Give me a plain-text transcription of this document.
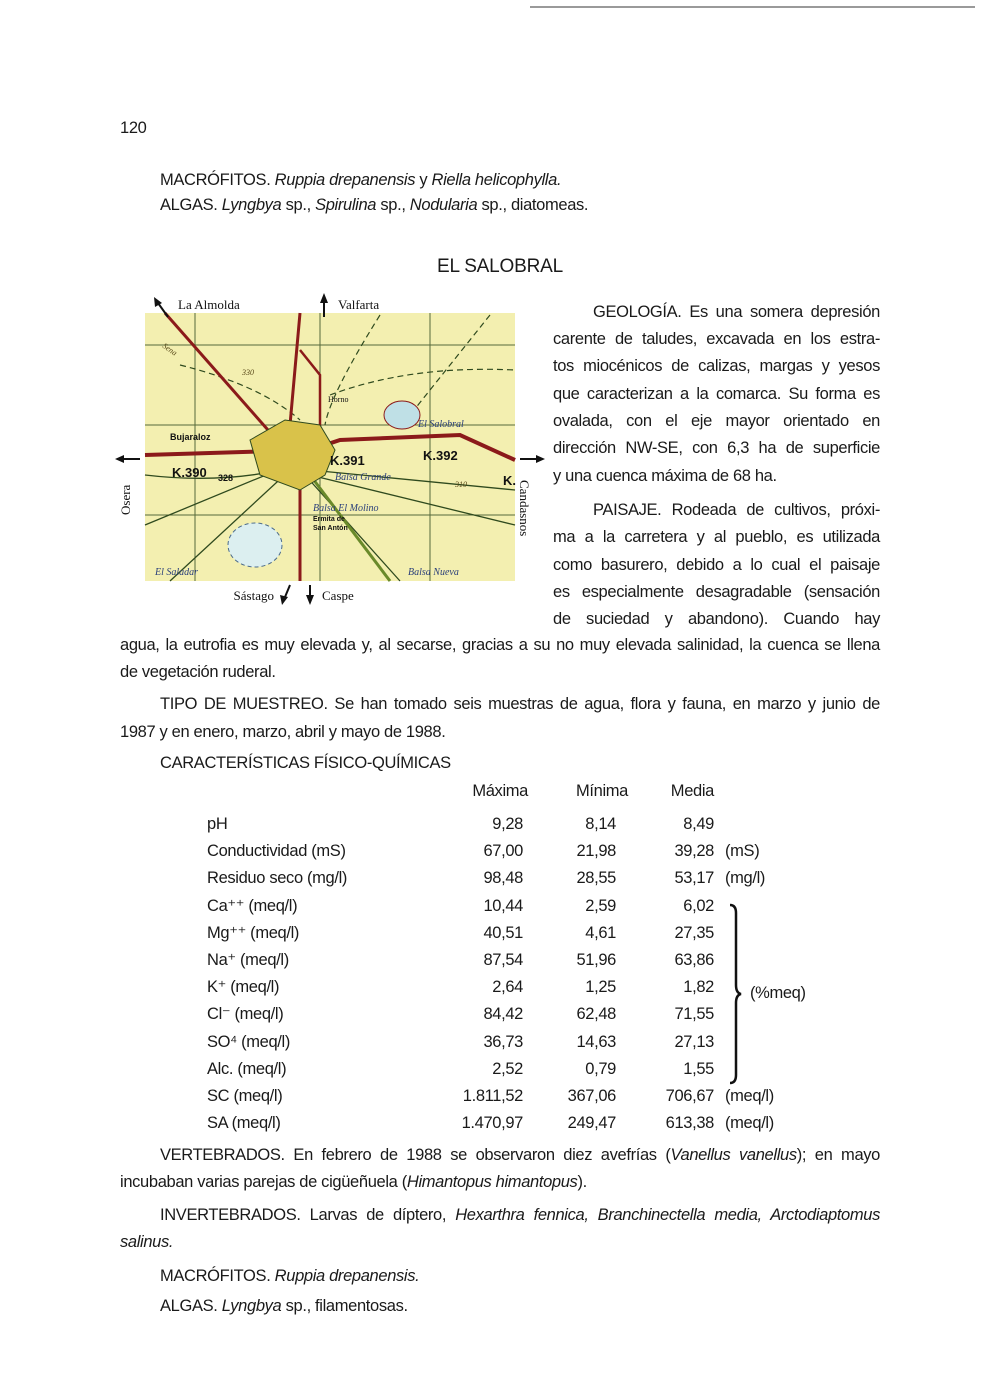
120
MACRÓFITOS. Ruppia drepanensis y Riella helicophylla.
ALGAS. Lyngbya sp., Spirulina sp., Nodularia sp., diatomeas.
EL SALOBRAL
La Almolda	Valfarta
Sástago	Caspe
Osera	Candasnos
Bujaraloz
K.390 328
K.391	K.392
K.
Ermita de
San Antón
El Salobral
Balsa Grande
Balsa El Molino
El Saladar	Balsa Nueva
Sena
330
Horno
310
GEOLOGÍA. Es una somera depresión
carente de taludes, excavada en los estra-
tos miocénicos de calizas, margas y yesos
que caracterizan a la comarca. Su forma es
ovalada, con el eje mayor orientado en
dirección NW-SE, con 6,3 ha de superficie
y una cuenca máxima de 68 ha.
PAISAJE. Rodeada de cultivos, próxi-
ma a la carretera y al pueblo, es utilizada
como basurero, debido a lo cual el paisaje
es especialmente desagradable (sensación
de suciedad y abandono). Cuando hay
agua, la eutrofia es muy elevada y, al secarse, gracias a su no muy elevada salinidad, la cuenca se llena
de vegetación ruderal.
TIPO DE MUESTREO. Se han tomado seis muestras de agua, flora y fauna, en marzo y junio de
1987 y en enero, marzo, abril y mayo de 1988.
CARACTERÍSTICAS FÍSICO-QUÍMICAS
Máxima	Mínima	Media
pH	9,28	8,14	8,49
Conductividad (mS)	67,00	21,98	39,28 (mS)
Residuo seco (mg/l)	98,48	28,55	53,17 (mg/l)
Ca⁺⁺ (meq/l)	10,44	2,59	6,02
Mg⁺⁺ (meq/l)	40,51	4,61	27,35
Na⁺ (meq/l)	87,54	51,96	63,86
K⁺ (meq/l)	2,64	1,25	1,82
Cl⁻ (meq/l)	84,42	62,48	71,55
SO⁴ (meq/l)	36,73	14,63	27,13
Alc. (meq/l)	2,52	0,79	1,55
SC (meq/l)	1.811,52	367,06	706,67 (meq/l)
SA (meq/l)	1.470,97	249,47	613,38 (meq/l)
(%meq)
VERTEBRADOS. En febrero de 1988 se observaron diez avefrías (Vanellus vanellus); en mayo
incubaban varias parejas de cigüeñuela (Himantopus himantopus).
INVERTEBRADOS. Larvas de díptero, Hexarthra fennica, Branchinectella media, Arctodiaptomus
salinus.
MACRÓFITOS. Ruppia drepanensis.
ALGAS. Lyngbya sp., filamentosas.
